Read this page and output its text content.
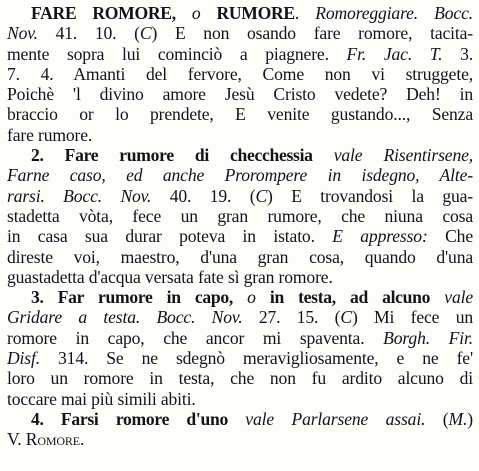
FARE ROMORE, o RUMORE. Romoreggiare. Bocc.
Nov. 41. 10. (C) E non osando fare romore, tacita-
mente sopra lui cominciò a piagnere. Fr. Jac. T. 3.
7. 4. Amanti del fervore, Come non vi struggete,
Poichè 'l divino amore Jesù Cristo vedete? Deh! in
braccio or lo prendete, E venite gustando..., Senza
fare rumore.
2. Fare rumore di checchessia vale Risentirsene,
Farne caso, ed anche Prorompere in isdegno, Alte-
rarsi. Bocc. Nov. 40. 19. (C) E trovandosi la gua-
stadetta vòta, fece un gran rumore, che niuna cosa
in casa sua durar poteva in istato. E appresso: Che
direste voi, maestro, d'una gran cosa, quando d'una
guastadetta d'acqua versata fate sì gran romore.
3. Far rumore in capo, o in testa, ad alcuno vale
Gridare a testa. Bocc. Nov. 27. 15. (C) Mi fece un
romore in capo, che ancor mi spaventa. Borgh. Fir.
Disf. 314. Se ne sdegnò meravigliosamente, e ne fe'
loro un romore in testa, che non fu ardito alcuno di
toccare mai più simili abiti.
4. Farsi romore d'uno vale Parlarsene assai. (M.)
V. Romore.
